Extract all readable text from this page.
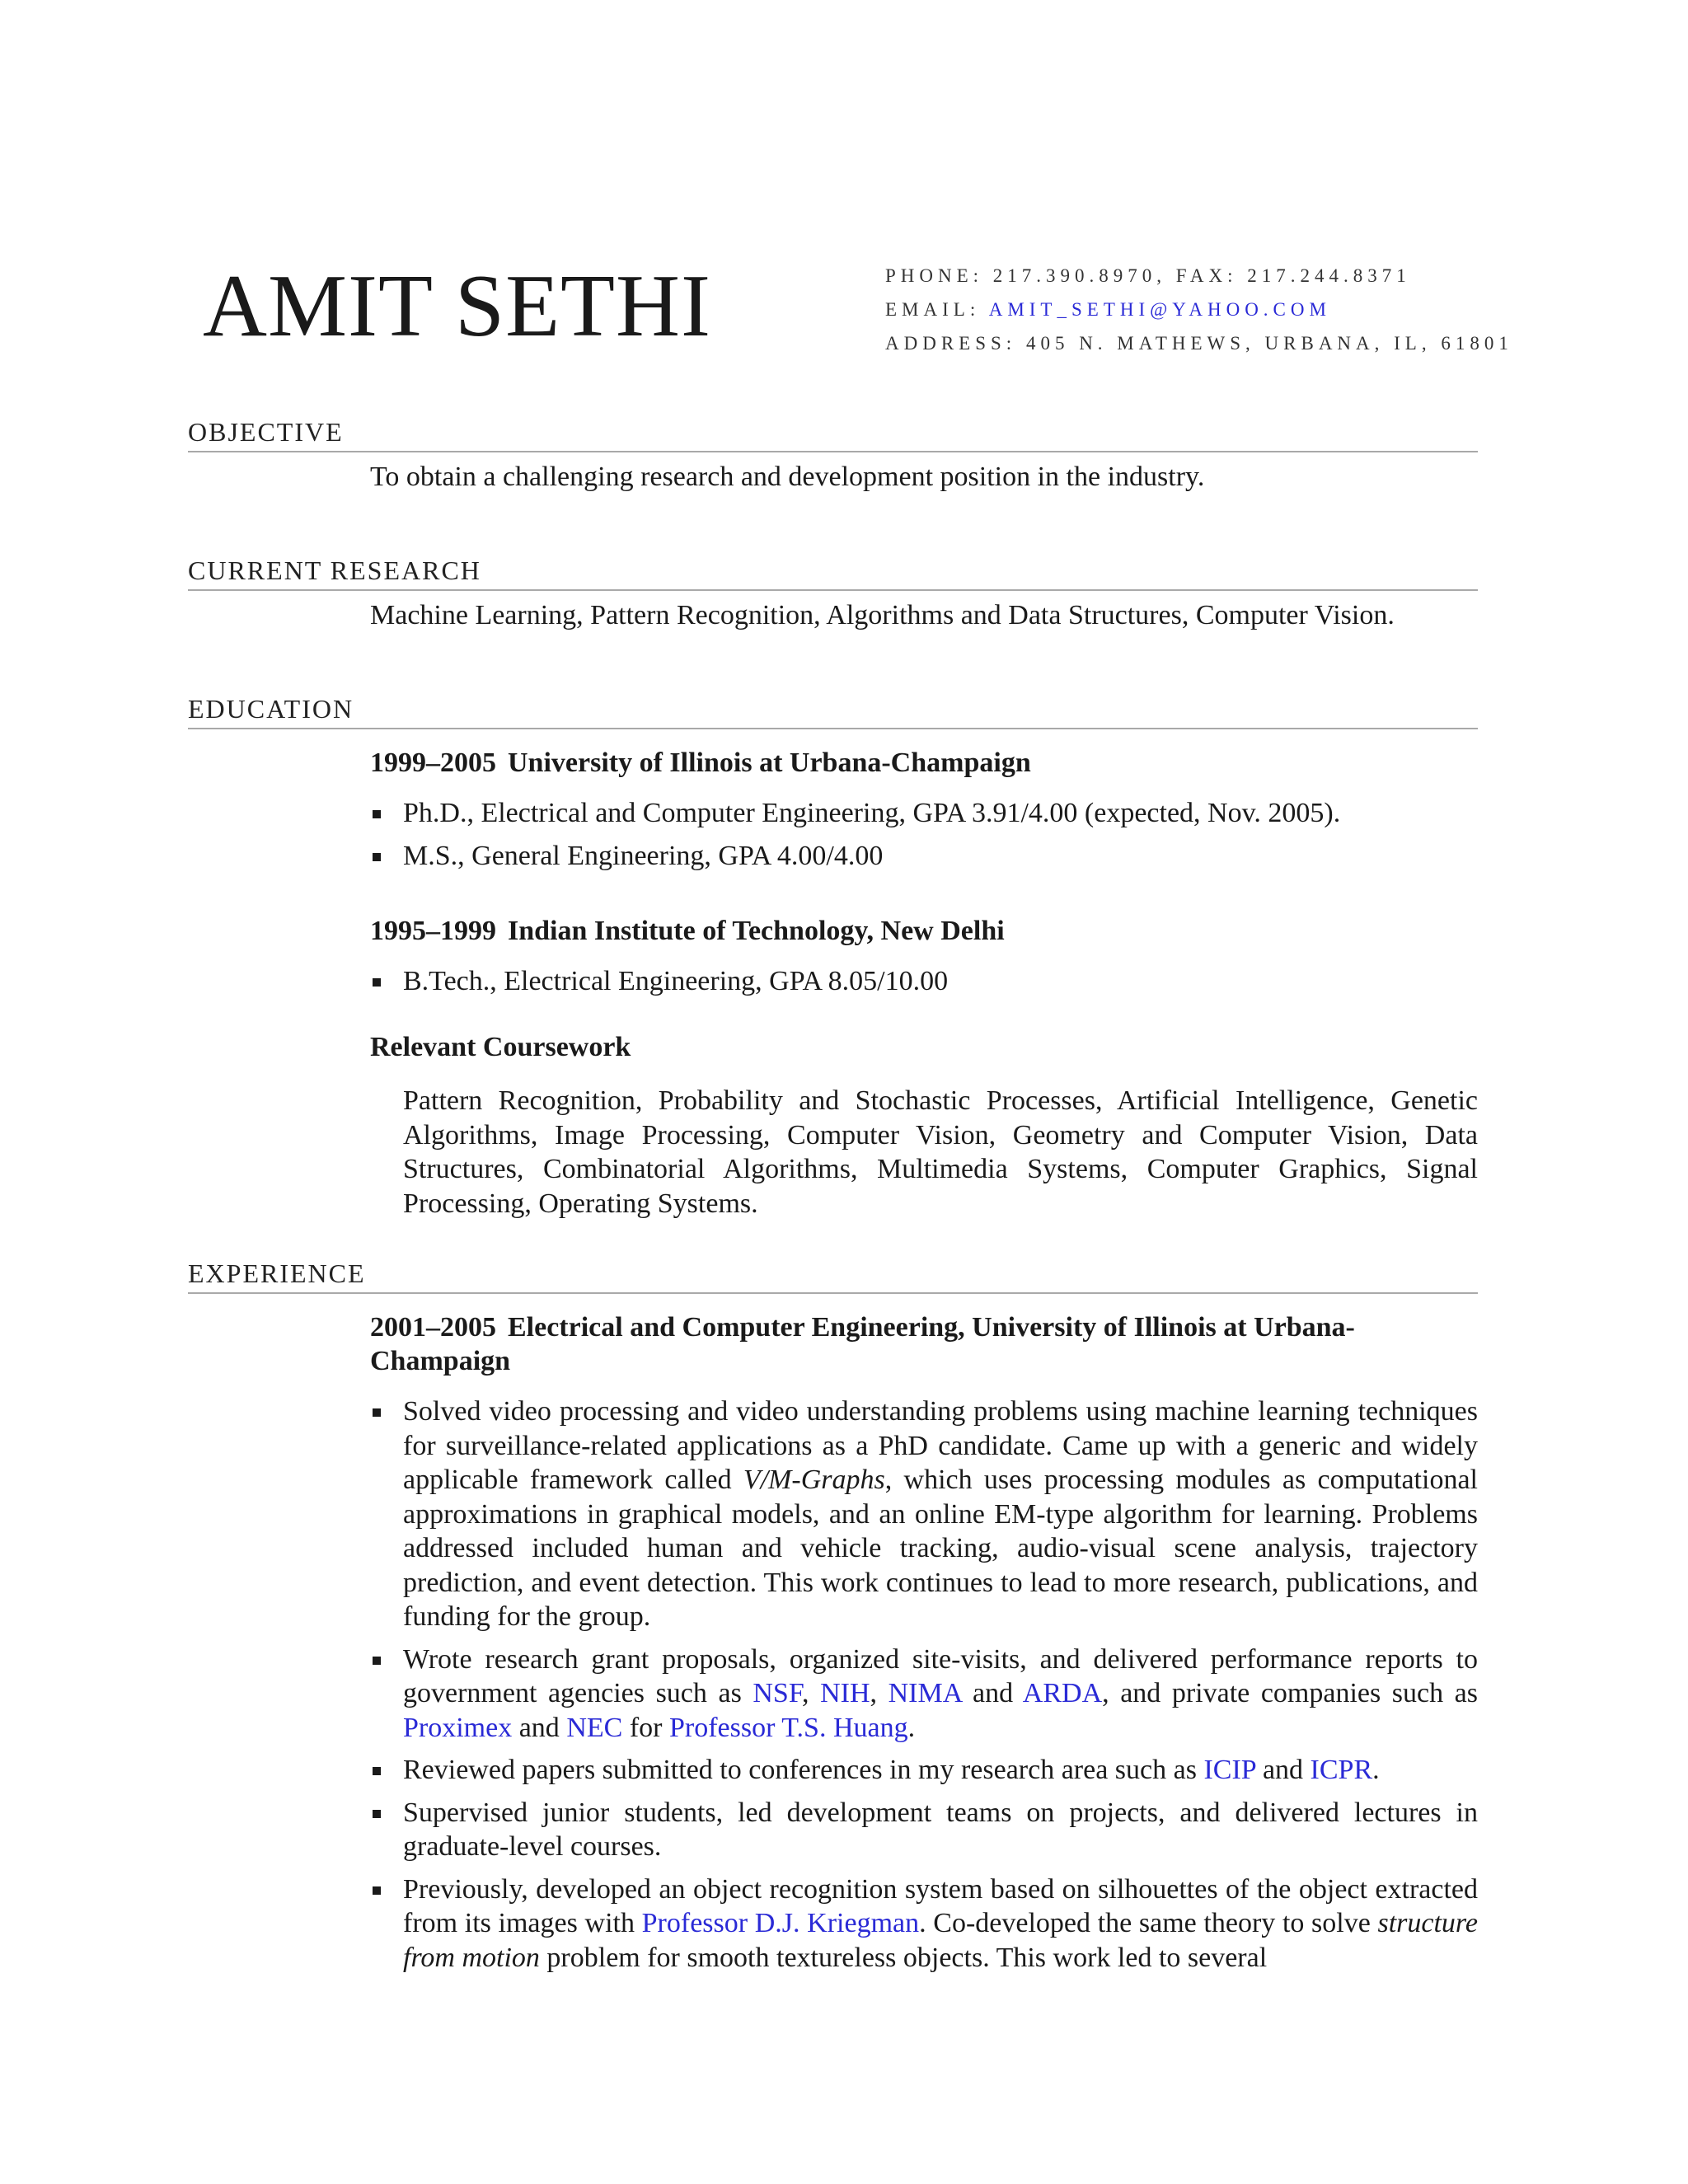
AMIT SETHI	PHONE: 217.390.8970, FAX: 217.244.8371
EMAIL: AMIT_SETHI@YAHOO.COM
ADDRESS: 405 N. MATHEWS, URBANA, IL, 61801
OBJECTIVE
To obtain a challenging research and development position in the industry.
CURRENT RESEARCH
Machine Learning, Pattern Recognition, Algorithms and Data Structures, Computer Vision.
EDUCATION
1999–2005 University of Illinois at Urbana-Champaign
Ph.D., Electrical and Computer Engineering, GPA 3.91/4.00 (expected, Nov. 2005).
M.S., General Engineering, GPA 4.00/4.00
1995–1999 Indian Institute of Technology, New Delhi
B.Tech., Electrical Engineering, GPA 8.05/10.00
Relevant Coursework
Pattern Recognition, Probability and Stochastic Processes, Artificial Intelligence, Genetic Algorithms, Image Processing, Computer Vision, Geometry and Computer Vision, Data Structures, Combinatorial Algorithms, Multimedia Systems, Computer Graphics, Signal Processing, Operating Systems.
EXPERIENCE
2001–2005 Electrical and Computer Engineering, University of Illinois at Urbana-Champaign
Solved video processing and video understanding problems using machine learning techniques for surveillance-related applications as a PhD candidate. Came up with a generic and widely applicable framework called V/M-Graphs, which uses processing modules as computational approximations in graphical models, and an online EM-type algorithm for learning. Problems addressed included human and vehicle tracking, audio-visual scene analysis, trajectory prediction, and event detection. This work continues to lead to more research, publications, and funding for the group.
Wrote research grant proposals, organized site-visits, and delivered performance reports to government agencies such as NSF, NIH, NIMA and ARDA, and private companies such as Proximex and NEC for Professor T.S. Huang.
Reviewed papers submitted to conferences in my research area such as ICIP and ICPR.
Supervised junior students, led development teams on projects, and delivered lectures in graduate-level courses.
Previously, developed an object recognition system based on silhouettes of the object extracted from its images with Professor D.J. Kriegman. Co-developed the same theory to solve structure from motion problem for smooth textureless objects. This work led to several
